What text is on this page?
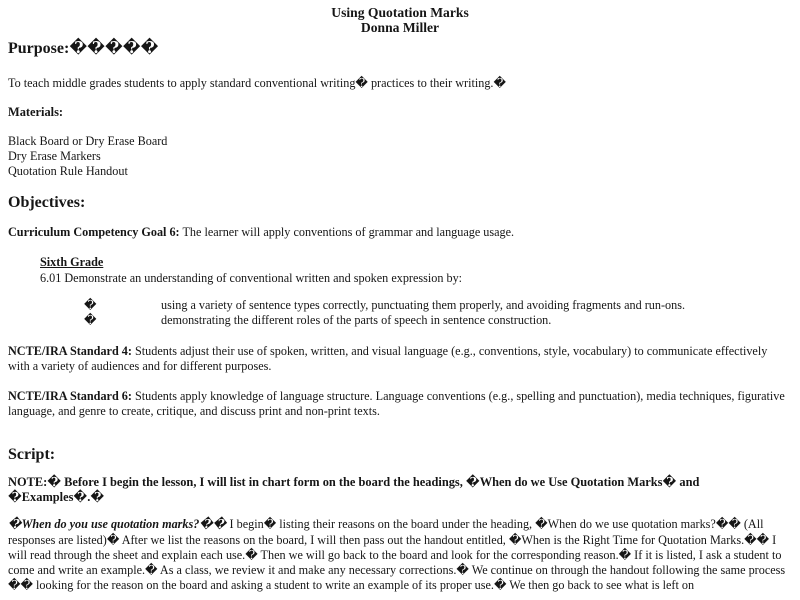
Using Quotation Marks
Donna Miller
Purpose:�����
To teach middle grades students to apply standard conventional writing� practices to their writing.�
Materials:
Black Board or Dry Erase Board
Dry Erase Markers
Quotation Rule Handout
Objectives:
Curriculum Competency Goal 6: The learner will apply conventions of grammar and language usage.
Sixth Grade
6.01 Demonstrate an understanding of conventional written and spoken expression by:
�	using a variety of sentence types correctly, punctuating them properly, and avoiding fragments and run-ons.
�	demonstrating the different roles of the parts of speech in sentence construction.
NCTE/IRA Standard 4: Students adjust their use of spoken, written, and visual language (e.g., conventions, style, vocabulary) to communicate effectively with a variety of audiences and for different purposes.
NCTE/IRA Standard 6: Students apply knowledge of language structure. Language conventions (e.g., spelling and punctuation), media techniques, figurative language, and genre to create, critique, and discuss print and non-print texts.
Script:
NOTE:� Before I begin the lesson, I will list in chart form on the board the headings, �When do we Use Quotation Marks� and �Examples�.�
�When do you use quotation marks?�� I begin� listing their reasons on the board under the heading, �When do we use quotation marks?�� (All responses are listed)� After we list the reasons on the board, I will then pass out the handout entitled, �When is the Right Time for Quotation Marks.�� I will read through the sheet and explain each use.� Then we will go back to the board and look for the corresponding reason.� If it is listed, I ask a student to come and write an example.� As a class, we review it and make any necessary corrections.� We continue on through the handout following the same process �� looking for the reason on the board and asking a student to write an example of its proper use.� We then go back to see what is left on
